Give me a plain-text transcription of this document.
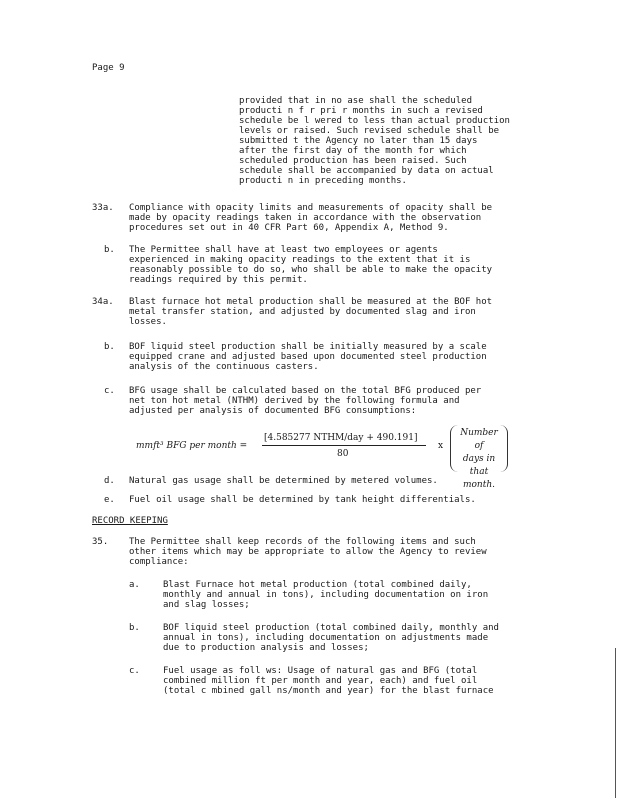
Page 9
provided that in no ase shall the scheduled
producti n f r pri r months in such a revised
schedule be l wered to less than actual production
levels or raised. Such revised schedule shall be
submitted t the Agency no later than 15 days
after the first day of the month for which
scheduled production has been raised. Such
schedule shall be accompanied by data on actual
producti n in preceding months.
33a. Compliance with opacity limits and measurements of opacity shall be
made by opacity readings taken in accordance with the observation
procedures set out in 40 CFR Part 60, Appendix A, Method 9.
b. The Permittee shall have at least two employees or agents
experienced in making opacity readings to the extent that it is
reasonably possible to do so, who shall be able to make the opacity
readings required by this permit.
34a. Blast furnace hot metal production shall be measured at the BOF hot
metal transfer station, and adjusted by documented slag and iron
losses.
b. BOF liquid steel production shall be initially measured by a scale
equipped crane and adjusted based upon documented steel production
analysis of the continuous casters.
c. BFG usage shall be calculated based on the total BFG produced per
net ton hot metal (NTHM) derived by the following formula and
adjusted per analysis of documented BFG consumptions:
mmft³ BFG per month =
[4.585277 NTHM/day + 490.191]
80
x
Number of
days in
that month.
d. Natural gas usage shall be determined by metered volumes.
e. Fuel oil usage shall be determined by tank height differentials.
RECORD KEEPING
35. The Permittee shall keep records of the following items and such
other items which may be appropriate to allow the Agency to review
compliance:
a.	Blast Furnace hot metal production (total combined daily,
monthly and annual in tons), including documentation on iron
and slag losses;
b.	BOF liquid steel production (total combined daily, monthly and
annual in tons), including documentation on adjustments made
due to production analysis and losses;
c.	Fuel usage as foll ws: Usage of natural gas and BFG (total
combined million ft per month and year, each) and fuel oil
(total c mbined gall ns/month and year) for the blast furnace
